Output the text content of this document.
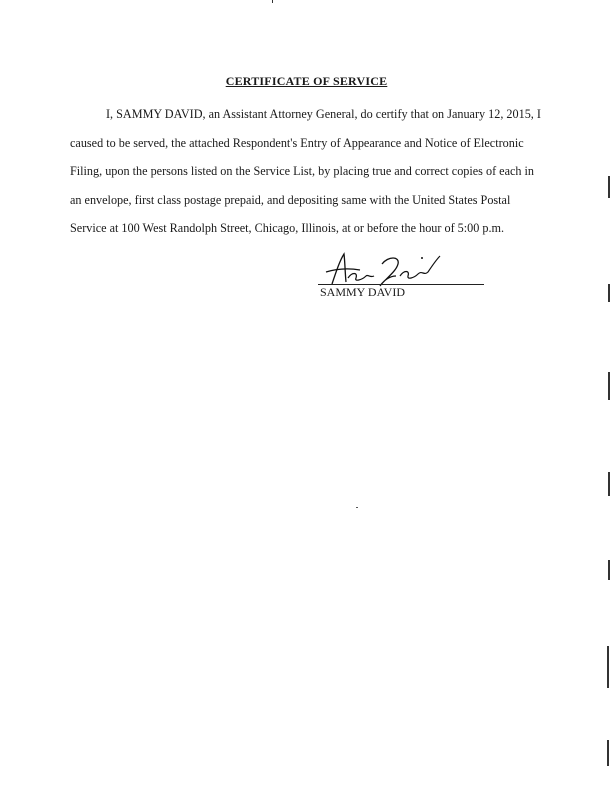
CERTIFICATE OF SERVICE

I, SAMMY DAVID, an Assistant Attorney General, do certify that on January 12, 2015, I caused to be served, the attached Respondent's Entry of Appearance and Notice of Electronic Filing, upon the persons listed on the Service List, by placing true and correct copies of each in an envelope, first class postage prepaid, and depositing same with the United States Postal Service at 100 West Randolph Street, Chicago, Illinois, at or before the hour of 5:00 p.m.

SAMMY DAVID
